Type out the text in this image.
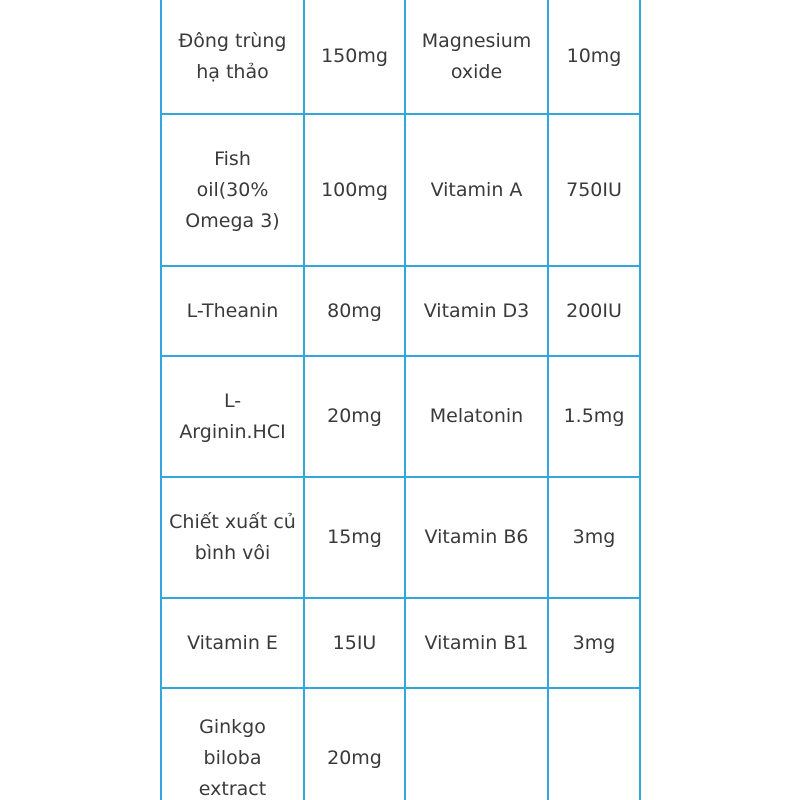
Đông trùng hạ thảo	150mg	Magnesium oxide	10mg
Fish oil(30% Omega 3)	100mg	Vitamin A	750IU
L-Theanin	80mg	Vitamin D3	200IU
L-Arginin.HCI	20mg	Melatonin	1.5mg
Chiết xuất củ bình vôi	15mg	Vitamin B6	3mg
Vitamin E	15IU	Vitamin B1	3mg
Ginkgo biloba extract	20mg		
